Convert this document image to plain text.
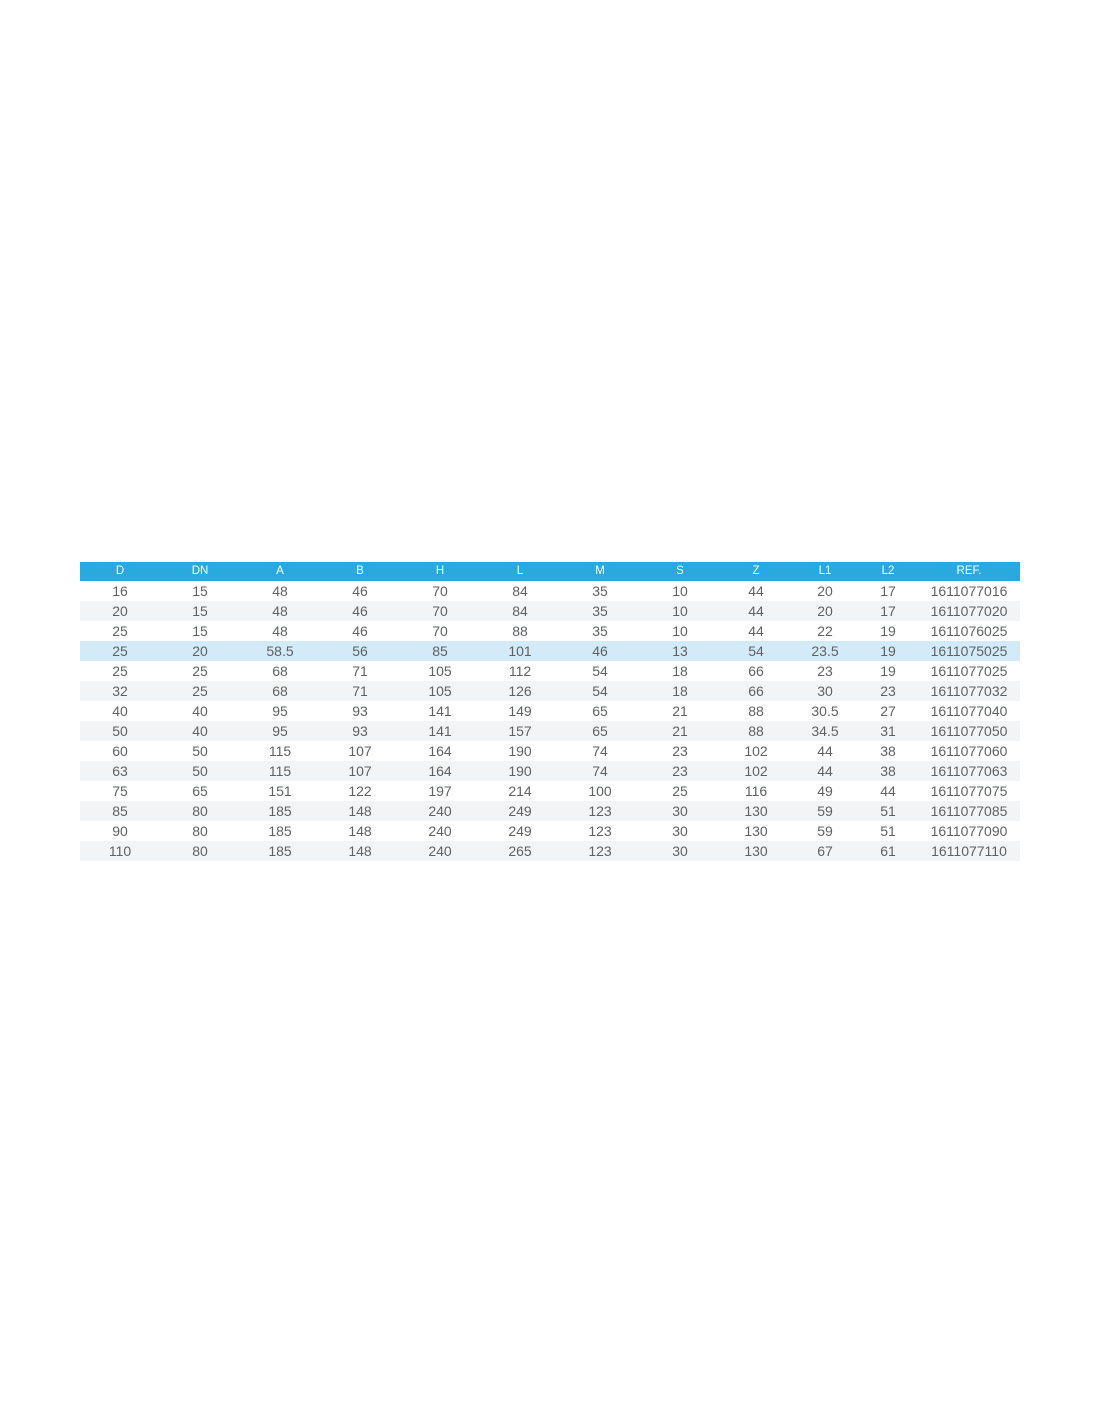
D	DN	A	B	H	L	M	S	Z	L1	L2	REF.
16	15	48	46	70	84	35	10	44	20	17	1611077016
20	15	48	46	70	84	35	10	44	20	17	1611077020
25	15	48	46	70	88	35	10	44	22	19	1611076025
25	20	58.5	56	85	101	46	13	54	23.5	19	1611075025
25	25	68	71	105	112	54	18	66	23	19	1611077025
32	25	68	71	105	126	54	18	66	30	23	1611077032
40	40	95	93	141	149	65	21	88	30.5	27	1611077040
50	40	95	93	141	157	65	21	88	34.5	31	1611077050
60	50	115	107	164	190	74	23	102	44	38	1611077060
63	50	115	107	164	190	74	23	102	44	38	1611077063
75	65	151	122	197	214	100	25	116	49	44	1611077075
85	80	185	148	240	249	123	30	130	59	51	1611077085
90	80	185	148	240	249	123	30	130	59	51	1611077090
110	80	185	148	240	265	123	30	130	67	61	1611077110
